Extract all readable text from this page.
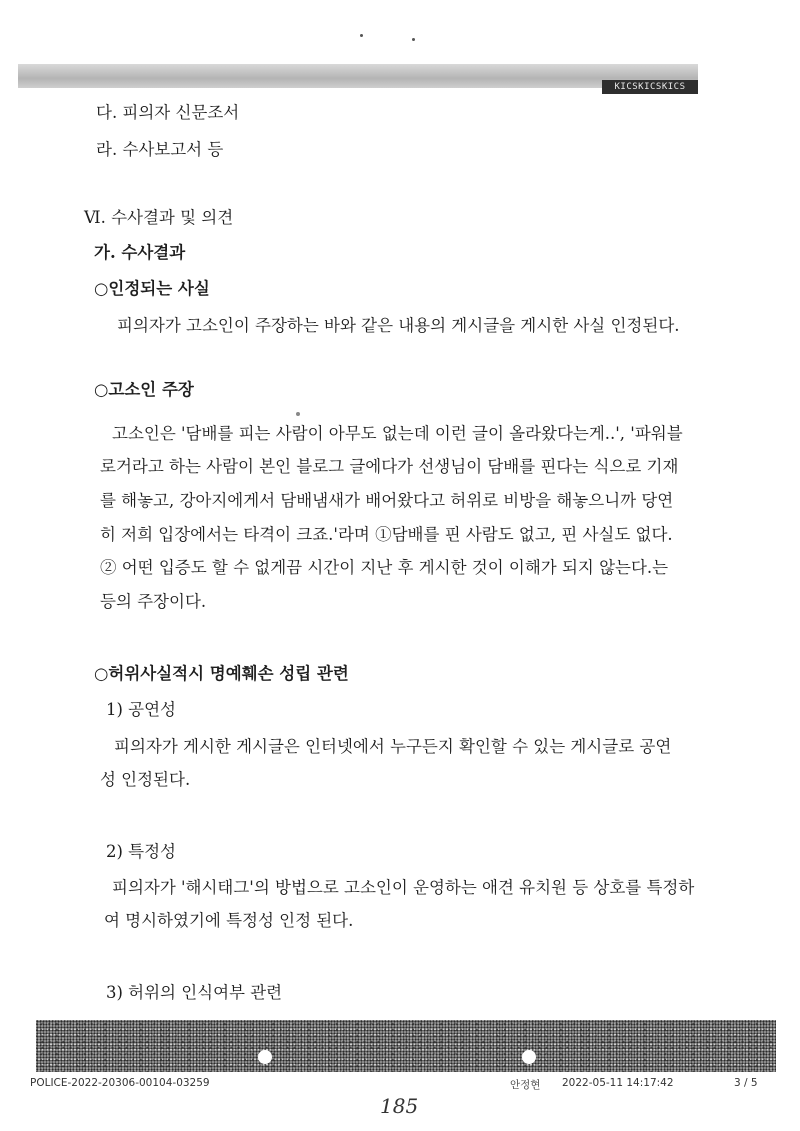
KICSKICSKICS
다. 피의자 신문조서
라. 수사보고서 등
Ⅵ. 수사결과 및 의견
가. 수사결과
○인정되는 사실
피의자가 고소인이 주장하는 바와 같은 내용의 게시글을 게시한 사실 인정된다.
○고소인 주장
고소인은 '담배를 피는 사람이 아무도 없는데 이런 글이 올라왔다는게..', '파워블
로거라고 하는 사람이 본인 블로그 글에다가 선생님이 담배를 핀다는 식으로 기재
를 해놓고, 강아지에게서 담배냄새가 배어왔다고 허위로 비방을 해놓으니까 당연
히 저희 입장에서는 타격이 크죠.'라며 ①담배를 핀 사람도 없고, 핀 사실도 없다.
② 어떤 입증도 할 수 없게끔 시간이 지난 후 게시한 것이 이해가 되지 않는다.는
등의 주장이다.
○허위사실적시 명예훼손 성립 관련
1) 공연성
피의자가 게시한 게시글은 인터넷에서 누구든지 확인할 수 있는 게시글로 공연
성 인정된다.
2) 특정성
피의자가 '해시태그'의 방법으로 고소인이 운영하는 애견 유치원 등 상호를 특정하
여 명시하였기에 특정성 인정 된다.
3) 허위의 인식여부 관련
POLICE-2022-20306-00104-03259	안정현 2022-05-11 14:17:42	3 / 5
185
